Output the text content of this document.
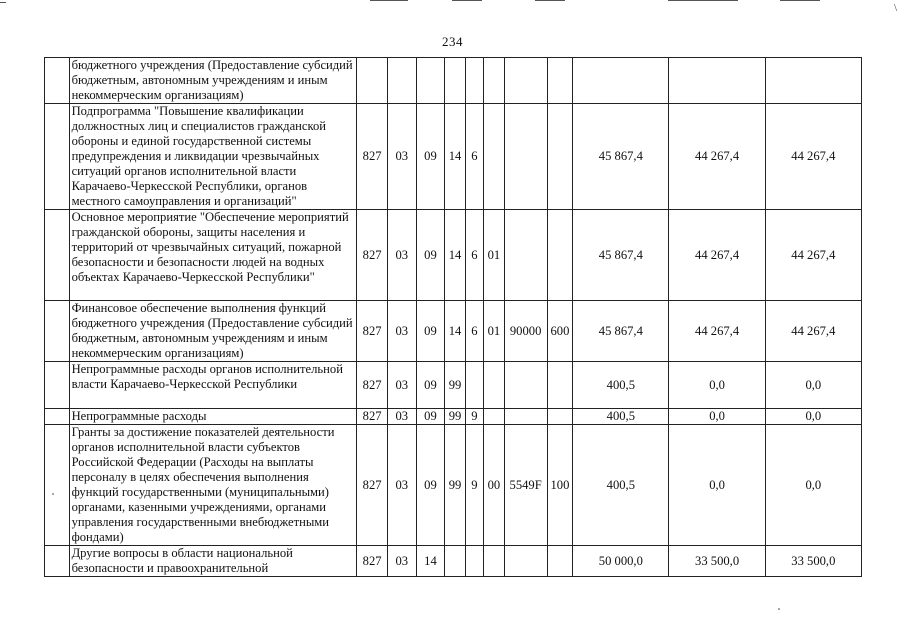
\
234
	бюджетного учреждения (Предоставление субсидий бюджетным, автономным учреждениям и иным некоммерческим организациям)											
	Подпрограмма "Повышение квалификации должностных лиц и специалистов гражданской обороны и единой государственной системы предупреждения и ликвидации чрезвычайных ситуаций органов исполнительной власти Карачаево-Черкесской Республики, органов местного самоуправления и организаций"	827	03	09	14	6				45 867,4	44 267,4	44 267,4
	Основное мероприятие "Обеспечение мероприятий гражданской обороны, защиты населения и территорий от чрезвычайных ситуаций, пожарной безопасности и безопасности людей на водных объектах Карачаево-Черкесской Республики"	827	03	09	14	6	01			45 867,4	44 267,4	44 267,4
	Финансовое обеспечение выполнения функций бюджетного учреждения (Предоставление субсидий бюджетным, автономным учреждениям и иным некоммерческим организациям)	827	03	09	14	6	01	90000	600	45 867,4	44 267,4	44 267,4
	Непрограммные расходы органов исполнительной власти Карачаево-Черкесской Республики	827	03	09	99					400,5	0,0	0,0
	Непрограммные расходы	827	03	09	99	9				400,5	0,0	0,0
	Гранты за достижение показателей деятельности органов исполнительной власти субъектов Российской Федерации (Расходы на выплаты персоналу в целях обеспечения выполнения функций государственными (муниципальными) органами, казенными учреждениями, органами управления государственными внебюджетными фондами)	827	03	09	99	9	00	5549F	100	400,5	0,0	0,0
	Другие вопросы в области национальной безопасности и правоохранительной	827	03	14						50 000,0	33 500,0	33 500,0
